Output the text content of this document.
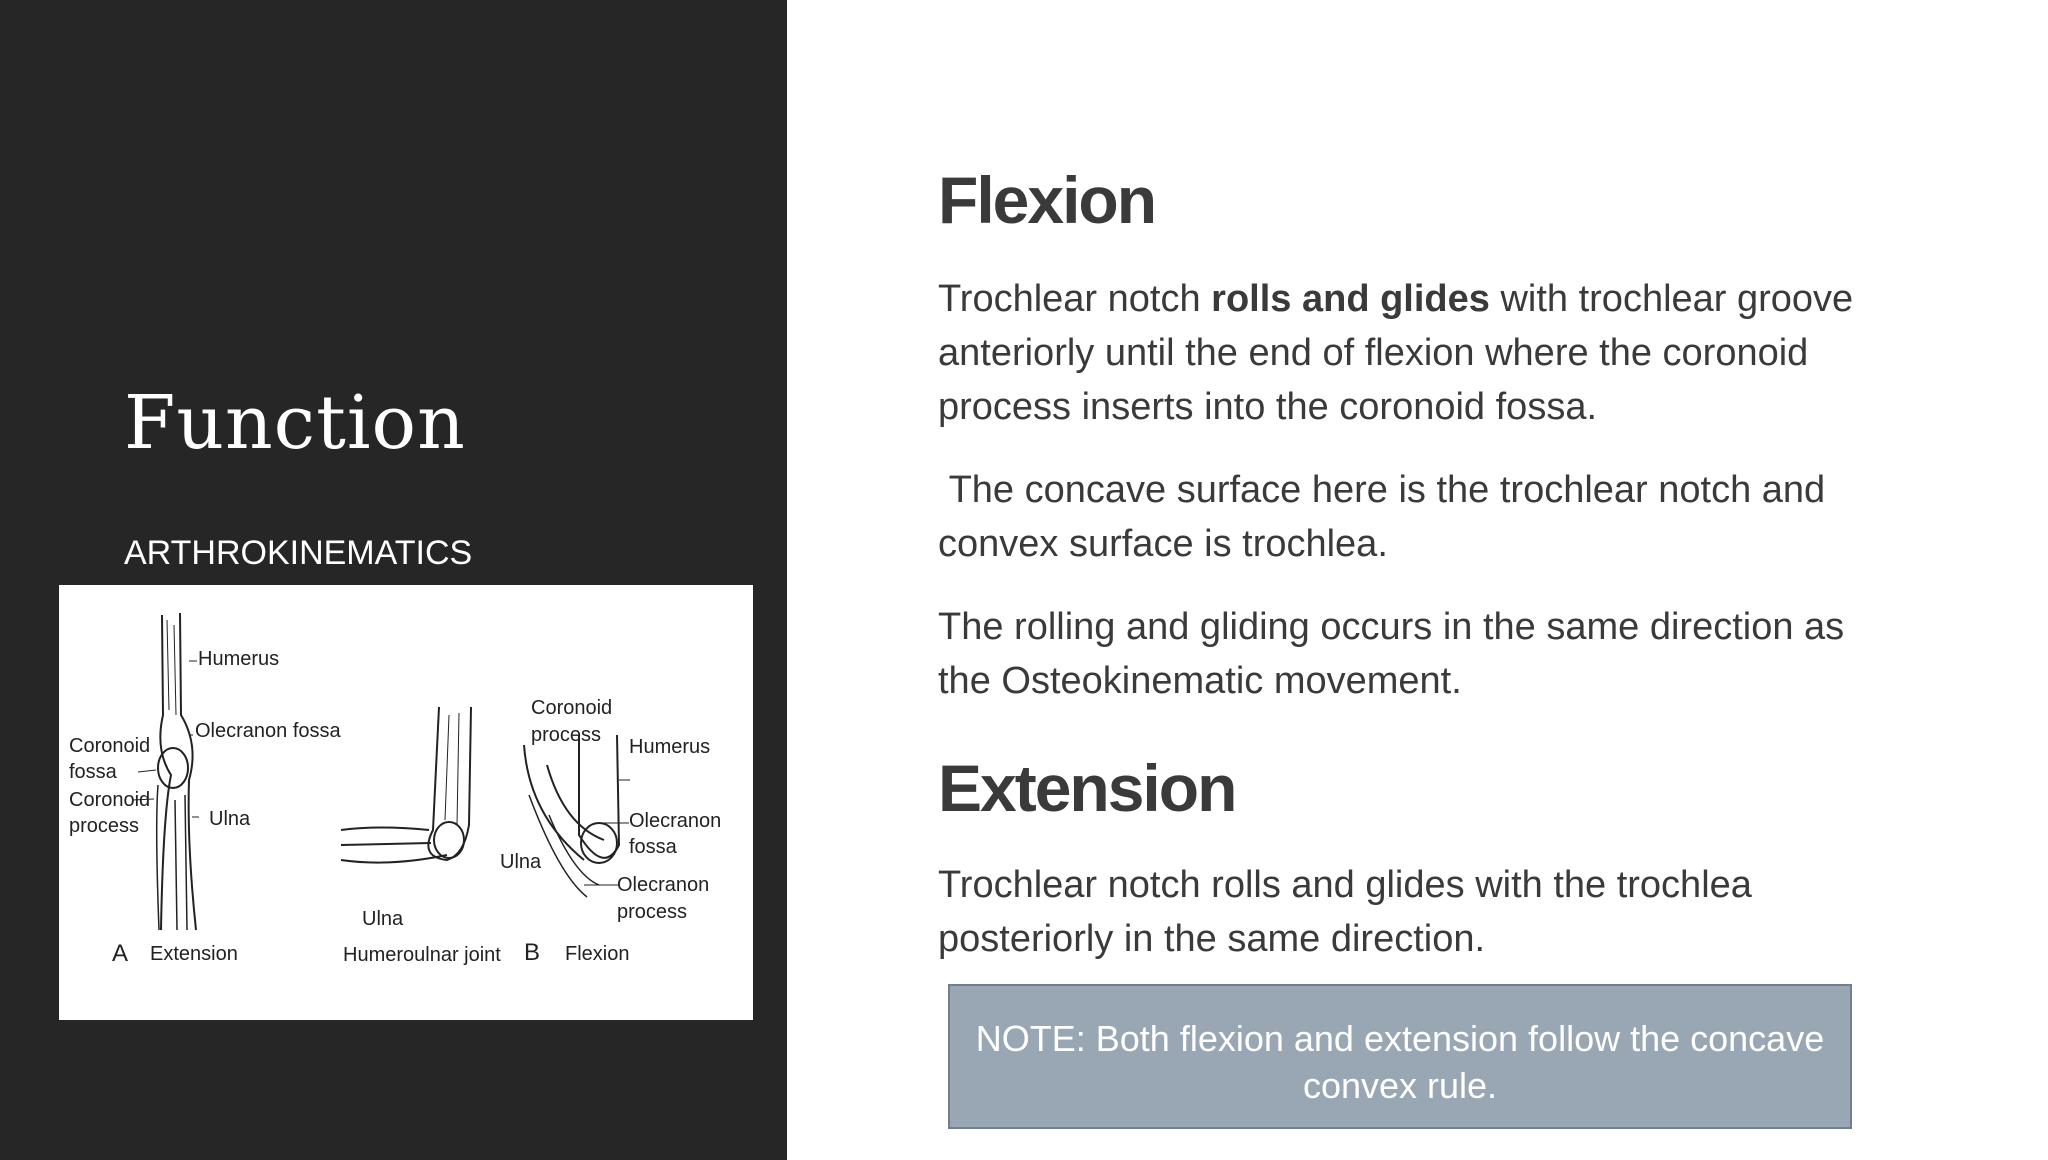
Function
ARTHROKINEMATICS
Humerus
Olecranon fossa
Coronoid
fossa
Coronoid
process	Ulna
A Extension
Ulna
Humeroulnar joint
Coronoid
process
Humerus
Olecranon
fossa
Ulna
Olecranon
process
B Flexion
Flexion

Trochlear notch rolls and glides with trochlear groove anteriorly until the end of flexion where the coronoid process inserts into the coronoid fossa.

The concave surface here is the trochlear notch and convex surface is trochlea.

The rolling and gliding occurs in the same direction as the Osteokinematic movement.

Extension

Trochlear notch rolls and glides with the trochlea posteriorly in the same direction.

NOTE: Both flexion and extension follow the concave convex rule.
